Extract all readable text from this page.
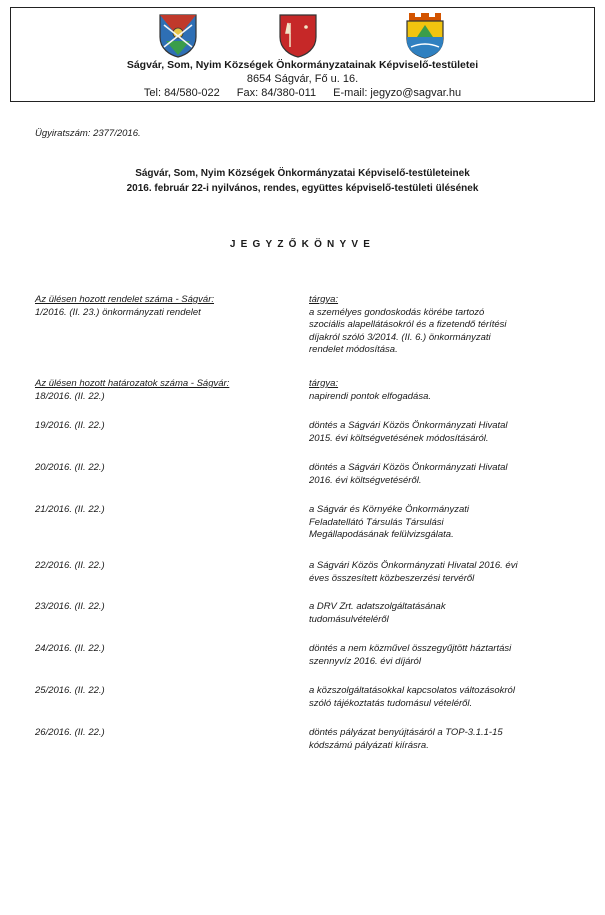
Ságvár, Som, Nyim Községek Önkormányzatainak Képviselő-testületei
8654 Ságvár, Fő u. 16.
Tel: 84/580-022 Fax: 84/380-011 E-mail: jegyzo@sagvar.hu
Ügyiratszám: 2377/2016.
Ságvár, Som, Nyim Községek Önkormányzatai Képviselő-testületeinek
2016. február 22-i nyilvános, rendes, együttes képviselő-testületi ülésének
JEGYZŐKÖNYVE
Az ülésen hozott rendelet száma - Ságvár:
1/2016. (II. 23.) önkormányzati rendelet
tárgya:
a személyes gondoskodás körébe tartozó
szociális alapellátásokról és a fizetendő térítési
díjakról szóló 3/2014. (II. 6.) önkormányzati
rendelet módosítása.
Az ülésen hozott határozatok száma - Ságvár:
18/2016. (II. 22.)
tárgya:
napirendi pontok elfogadása.
19/2016. (II. 22.)	döntés a Ságvári Közös Önkormányzati Hivatal
2015. évi költségvetésének módosításáról.
20/2016. (II. 22.)	döntés a Ságvári Közös Önkormányzati Hivatal
2016. évi költségvetéséről.
21/2016. (II. 22.)	a Ságvár és Környéke Önkormányzati
Feladatellátó Társulás Társulási
Megállapodásának felülvizsgálata.
22/2016. (II. 22.)	a Ságvári Közös Önkormányzati Hivatal 2016. évi
éves összesített közbeszerzési tervéről
23/2016. (II. 22.)	a DRV Zrt. adatszolgáltatásának
tudomásulvételéről
24/2016. (II. 22.)	döntés a nem közművel összegyűjtött háztartási
szennyvíz 2016. évi díjáról
25/2016. (II. 22.)	a közszolgáltatásokkal kapcsolatos változásokról
szóló tájékoztatás tudomásul vételéről.
26/2016. (II. 22.)	döntés pályázat benyújtásáról a TOP-3.1.1-15
kódszámú pályázati kiírásra.
